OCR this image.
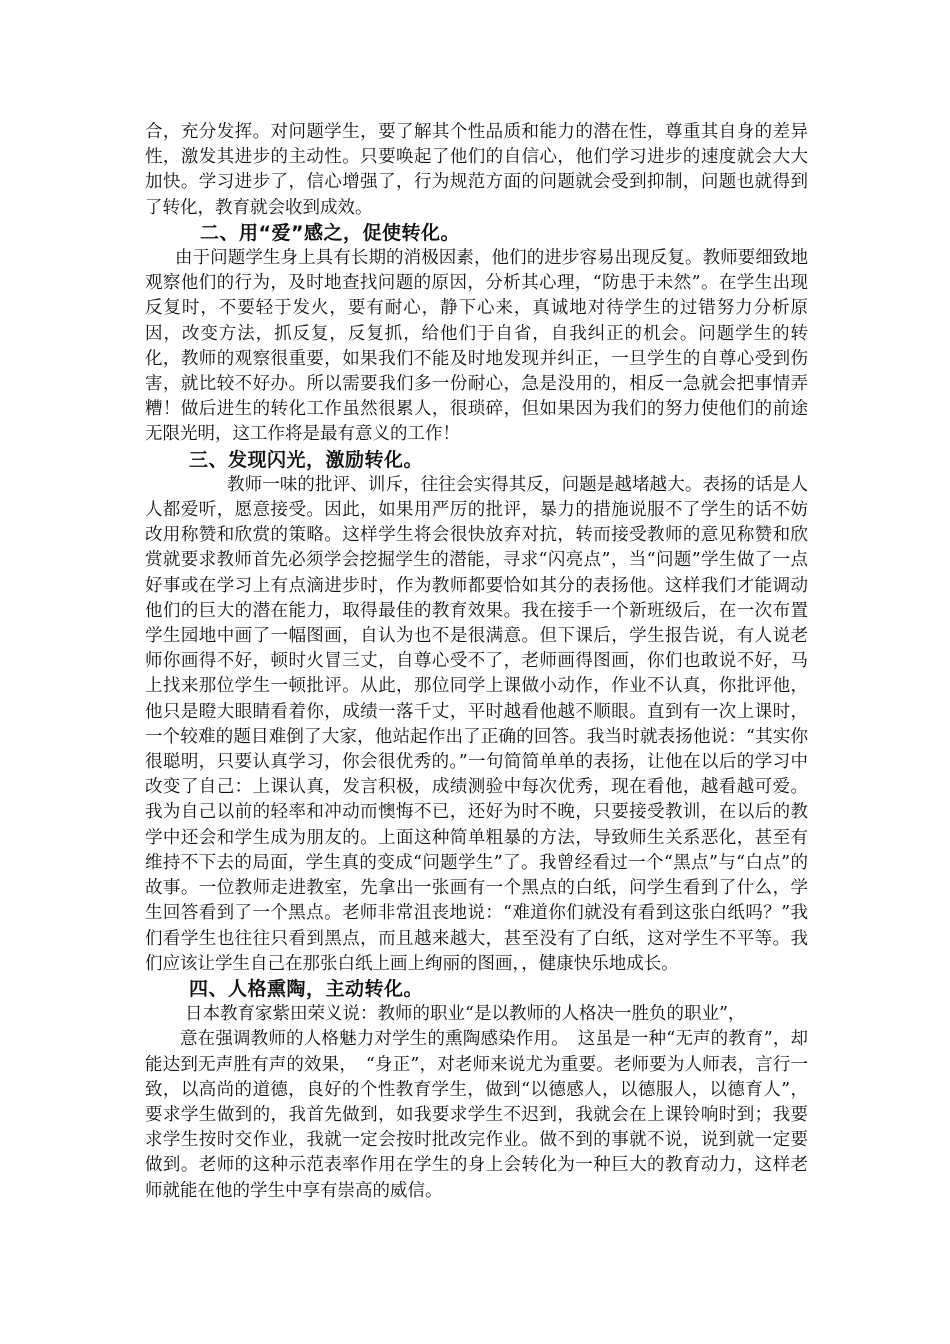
合，充分发挥。对问题学生，要了解其个性品质和能力的潜在性，尊重其自身的差异性，激发其进步的主动性。只要唤起了他们的自信心，他们学习进步的速度就会大大加快。学习进步了，信心增强了，行为规范方面的问题就会受到抑制，问题也就得到了转化，教育就会收到成效。

二、用“爱”感之，促使转化。

由于问题学生身上具有长期的消极因素，他们的进步容易出现反复。教师要细致地观察他们的行为，及时地查找问题的原因，分析其心理，“防患于未然”。在学生出现反复时，不要轻于发火，要有耐心，静下心来，真诚地对待学生的过错努力分析原因，改变方法，抓反复，反复抓，给他们于自省，自我纠正的机会。问题学生的转化，教师的观察很重要，如果我们不能及时地发现并纠正，一旦学生的自尊心受到伤害，就比较不好办。所以需要我们多一份耐心，急是没用的，相反一急就会把事情弄糟！做后进生的转化工作虽然很累人，很琐碎，但如果因为我们的努力使他们的前途无限光明，这工作将是最有意义的工作！

三、发现闪光，激励转化。

教师一味的批评、训斥，往往会实得其反，问题是越堵越大。表扬的话是人人都爱听，愿意接受。因此，如果用严厉的批评，暴力的措施说服不了学生的话不妨改用称赞和欣赏的策略。这样学生将会很快放弃对抗，转而接受教师的意见称赞和欣赏就要求教师首先必须学会挖掘学生的潜能，寻求“闪亮点”，当“问题”学生做了一点好事或在学习上有点滴进步时，作为教师都要恰如其分的表扬他。这样我们才能调动他们的巨大的潜在能力，取得最佳的教育效果。我在接手一个新班级后，在一次布置学生园地中画了一幅图画，自认为也不是很满意。但下课后，学生报告说，有人说老师你画得不好，顿时火冒三丈，自尊心受不了，老师画得图画，你们也敢说不好，马上找来那位学生一顿批评。从此，那位同学上课做小动作，作业不认真，你批评他，他只是瞪大眼睛看着你，成绩一落千丈，平时越看他越不顺眼。直到有一次上课时，一个较难的题目难倒了大家，他站起作出了正确的回答。我当时就表扬他说：“其实你很聪明，只要认真学习，你会很优秀的。”一句简简单单的表扬，让他在以后的学习中改变了自己：上课认真，发言积极，成绩测验中每次优秀，现在看他，越看越可爱。我为自己以前的轻率和冲动而懊悔不已，还好为时不晚，只要接受教训，在以后的教学中还会和学生成为朋友的。上面这种简单粗暴的方法，导致师生关系恶化，甚至有维持不下去的局面，学生真的变成“问题学生”了。我曾经看过一个“黑点”与“白点”的故事。一位教师走进教室，先拿出一张画有一个黑点的白纸，问学生看到了什么，学生回答看到了一个黑点。老师非常沮丧地说：“难道你们就没有看到这张白纸吗？”我们看学生也往往只看到黑点，而且越来越大，甚至没有了白纸，这对学生不平等。我们应该让学生自己在那张白纸上画上绚丽的图画，，健康快乐地成长。

四、人格熏陶，主动转化。

日本教育家紫田荣义说：教师的职业“是以教师的人格决一胜负的职业”，

意在强调教师的人格魅力对学生的熏陶感染作用。　这虽是一种“无声的教育”，却能达到无声胜有声的效果，　“身正”，对老师来说尤为重要。老师要为人师表，言行一致，以高尚的道德，良好的个性教育学生，做到“以德感人，以德服人，以德育人”，要求学生做到的，我首先做到，如我要求学生不迟到，我就会在上课铃响时到；我要求学生按时交作业，我就一定会按时批改完作业。做不到的事就不说，说到就一定要做到。老师的这种示范表率作用在学生的身上会转化为一种巨大的教育动力，这样老师就能在他的学生中享有崇高的威信。
